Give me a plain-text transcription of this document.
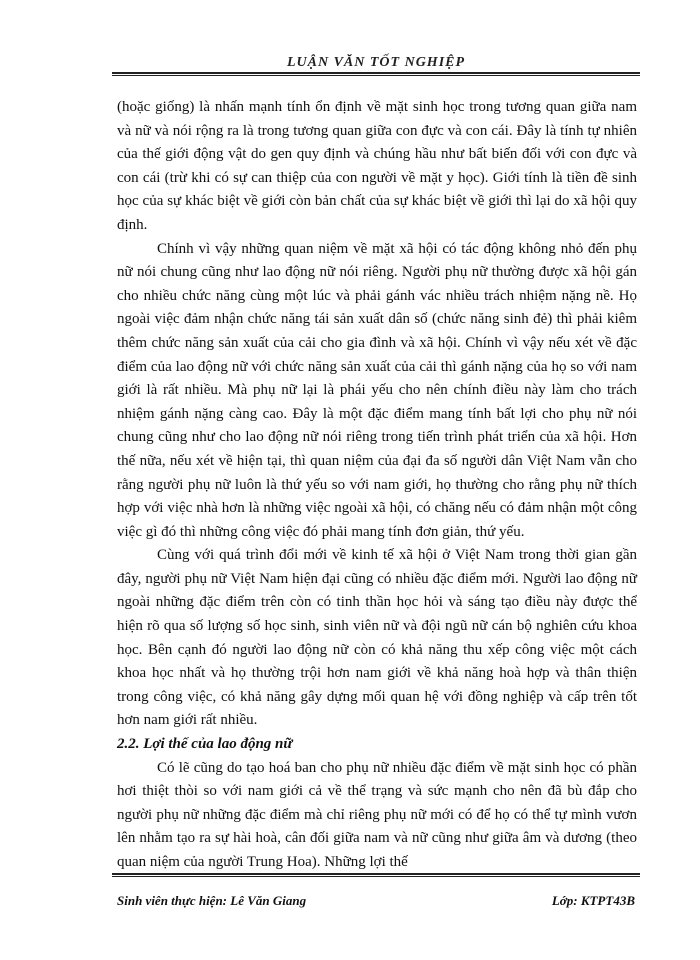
LUẬN VĂN TỐT NGHIỆP

(hoặc giống) là nhấn mạnh tính ổn định về mặt sinh học trong tương quan giữa nam và nữ và nói rộng ra là trong tương quan giữa con đực và con cái. Đây là tính tự nhiên của thế giới động vật do gen quy định và chúng hầu như bất biến đối với con đực và con cái (trừ khi có sự can thiệp của con người về mặt y học). Giới tính là tiền đề sinh học của sự khác biệt về giới còn bản chất của sự khác biệt về giới thì lại do xã hội quy định.

Chính vì vậy những quan niệm về mặt xã hội có tác động không nhỏ đến phụ nữ nói chung cũng như lao động nữ nói riêng. Người phụ nữ thường được xã hội gán cho nhiều chức năng cùng một lúc và phải gánh vác nhiều trách nhiệm nặng nề. Họ ngoài việc đảm nhận chức năng tái sản xuất dân số (chức năng sinh đẻ) thì phải kiêm thêm chức năng sản xuất của cải cho gia đình và xã hội. Chính vì vậy nếu xét về đặc điểm của lao động nữ với chức năng sản xuất của cải thì gánh nặng của họ so với nam giới là rất nhiều. Mà phụ nữ lại là phái yếu cho nên chính điều này làm cho trách nhiệm gánh nặng càng cao. Đây là một đặc điểm mang tính bất lợi cho phụ nữ nói chung cũng như cho lao động nữ nói riêng trong tiến trình phát triển của xã hội. Hơn thế nữa, nếu xét về hiện tại, thì quan niệm của đại đa số người dân Việt Nam vẫn cho rằng người phụ nữ luôn là thứ yếu so với nam giới, họ thường cho rằng phụ nữ thích hợp với việc nhà hơn là những việc ngoài xã hội, có chăng nếu có đảm nhận một công việc gì đó thì những công việc đó phải mang tính đơn giản, thứ yếu.

Cùng với quá trình đổi mới về kinh tế xã hội ở Việt Nam trong thời gian gần đây, người phụ nữ Việt Nam hiện đại cũng có nhiều đặc điểm mới. Người lao động nữ ngoài những đặc điểm trên còn có tinh thần học hỏi và sáng tạo điều này được thể hiện rõ qua số lượng số học sinh, sinh viên nữ và đội ngũ nữ cán bộ nghiên cứu khoa học. Bên cạnh đó người lao động nữ còn có khả năng thu xếp công việc một cách khoa học nhất và họ thường trội hơn nam giới về khả năng hoà hợp và thân thiện trong công việc, có khả năng gây dựng mối quan hệ với đồng nghiệp và cấp trên tốt hơn nam giới rất nhiều.

2.2. Lợi thế của lao động nữ

Có lẽ cũng do tạo hoá ban cho phụ nữ nhiều đặc điểm về mặt sinh học có phần hơi thiệt thòi so với nam giới cả về thể trạng và sức mạnh cho nên đã bù đắp cho người phụ nữ những đặc điểm mà chỉ riêng phụ nữ mới có để họ có thể tự mình vươn lên nhằm tạo ra sự hài hoà, cân đối giữa nam và nữ cũng như giữa âm và dương (theo quan niệm của người Trung Hoa). Những lợi thế

Sinh viên thực hiện: Lê Văn Giang	Lớp: KTPT43B
